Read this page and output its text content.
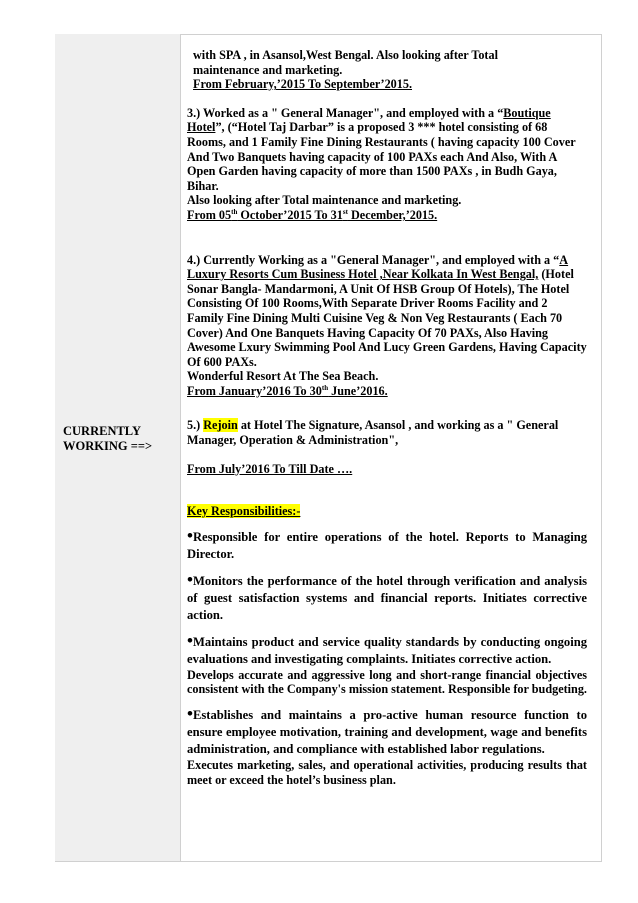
CURRENTLY
WORKING ==>

with SPA , in Asansol,West Bengal. Also looking after Total

maintenance and marketing.

From February,’2015 To September’2015.

3.) Worked as a " General Manager", and employed with a “Boutique Hotel”, (“Hotel Taj Darbar” is a proposed 3 *** hotel consisting of 68 Rooms, and 1 Family Fine Dining Restaurants ( having capacity 100 Cover And Two Banquets having capacity of 100 PAXs each And Also, With A Open Garden having capacity of more than 1500 PAXs , in Budh Gaya, Bihar.

Also looking after Total maintenance and marketing.

From 05th October’2015 To 31st December,’2015.

4.) Currently Working as a "General Manager", and employed with a “A Luxury Resorts Cum Business Hotel ,Near Kolkata In West Bengal, (Hotel Sonar Bangla- Mandarmoni, A Unit Of HSB Group Of Hotels), The Hotel Consisting Of 100 Rooms,With Separate Driver Rooms Facility and 2 Family Fine Dining Multi Cuisine Veg & Non Veg Restaurants ( Each 70 Cover) And One Banquets Having Capacity Of 70 PAXs, Also Having Awesome Lxury Swimming Pool And Lucy Green Gardens, Having Capacity Of 600 PAXs.

Wonderful Resort At The Sea Beach.

From January’2016 To 30th June’2016.

5.) Rejoin at Hotel The Signature, Asansol , and working as a " General Manager, Operation & Administration",

From July’2016 To Till Date ….

Key Responsibilities:-

•Responsible for entire operations of the hotel. Reports to Managing Director.
•Monitors the performance of the hotel through verification and analysis of guest satisfaction systems and financial reports. Initiates corrective action.
•Maintains product and service quality standards by conducting ongoing evaluations and investigating complaints. Initiates corrective action.

Develops accurate and aggressive long and short-range financial objectives consistent with the Company's mission statement. Responsible for budgeting.

•Establishes and maintains a pro-active human resource function to ensure employee motivation, training and development, wage and benefits administration, and compliance with established labor regulations.

Executes marketing, sales, and operational activities, producing results that meet or exceed the hotel’s business plan.
